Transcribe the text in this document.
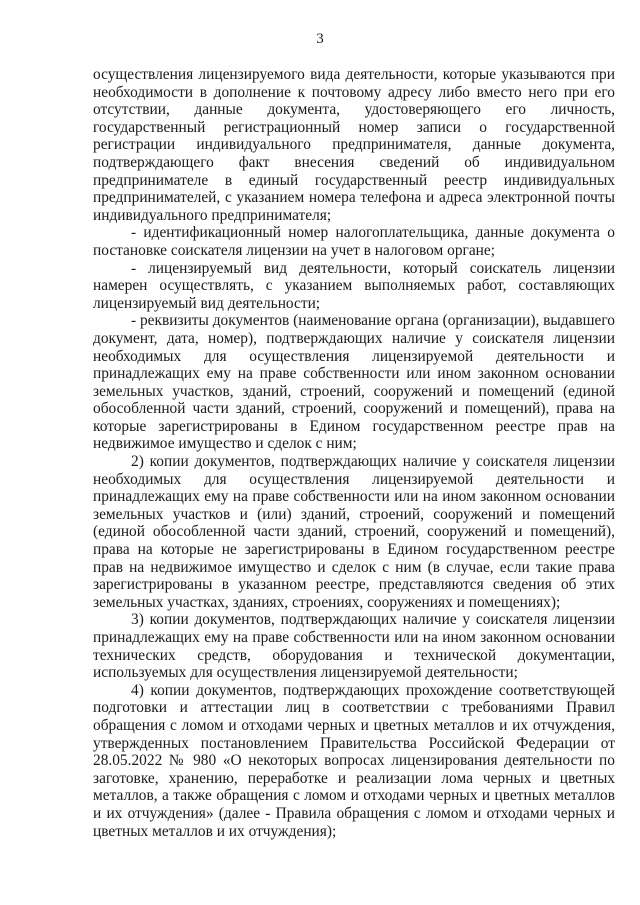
3

осуществления лицензируемого вида деятельности, которые указываются при необходимости в дополнение к почтовому адресу либо вместо него при его отсутствии, данные документа, удостоверяющего его личность, государственный регистрационный номер записи о государственной регистрации индивидуального предпринимателя, данные документа, подтверждающего факт внесения сведений об индивидуальном предпринимателе в единый государственный реестр индивидуальных предпринимателей, с указанием номера телефона и адреса электронной почты индивидуального предпринимателя;

- идентификационный номер налогоплательщика, данные документа о постановке соискателя лицензии на учет в налоговом органе;

- лицензируемый вид деятельности, который соискатель лицензии намерен осуществлять, с указанием выполняемых работ, составляющих лицензируемый вид деятельности;

- реквизиты документов (наименование органа (организации), выдавшего документ, дата, номер), подтверждающих наличие у соискателя лицензии необходимых для осуществления лицензируемой деятельности и принадлежащих ему на праве собственности или ином законном основании земельных участков, зданий, строений, сооружений и помещений (единой обособленной части зданий, строений, сооружений и помещений), права на которые зарегистрированы в Едином государственном реестре прав на недвижимое имущество и сделок с ним;

2) копии документов, подтверждающих наличие у соискателя лицензии необходимых для осуществления лицензируемой деятельности и принадлежащих ему на праве собственности или на ином законном основании земельных участков и (или) зданий, строений, сооружений и помещений (единой обособленной части зданий, строений, сооружений и помещений), права на которые не зарегистрированы в Едином государственном реестре прав на недвижимое имущество и сделок с ним (в случае, если такие права зарегистрированы в указанном реестре, представляются сведения об этих земельных участках, зданиях, строениях, сооружениях и помещениях);

3) копии документов, подтверждающих наличие у соискателя лицензии принадлежащих ему на праве собственности или на ином законном основании технических средств, оборудования и технической документации, используемых для осуществления лицензируемой деятельности;

4) копии документов, подтверждающих прохождение соответствующей подготовки и аттестации лиц в соответствии с требованиями Правил обращения с ломом и отходами черных и цветных металлов и их отчуждения, утвержденных постановлением Правительства Российской Федерации от 28.05.2022 № 980 «О некоторых вопросах лицензирования деятельности по заготовке, хранению, переработке и реализации лома черных и цветных металлов, а также обращения с ломом и отходами черных и цветных металлов и их отчуждения» (далее - Правила обращения с ломом и отходами черных и цветных металлов и их отчуждения);
